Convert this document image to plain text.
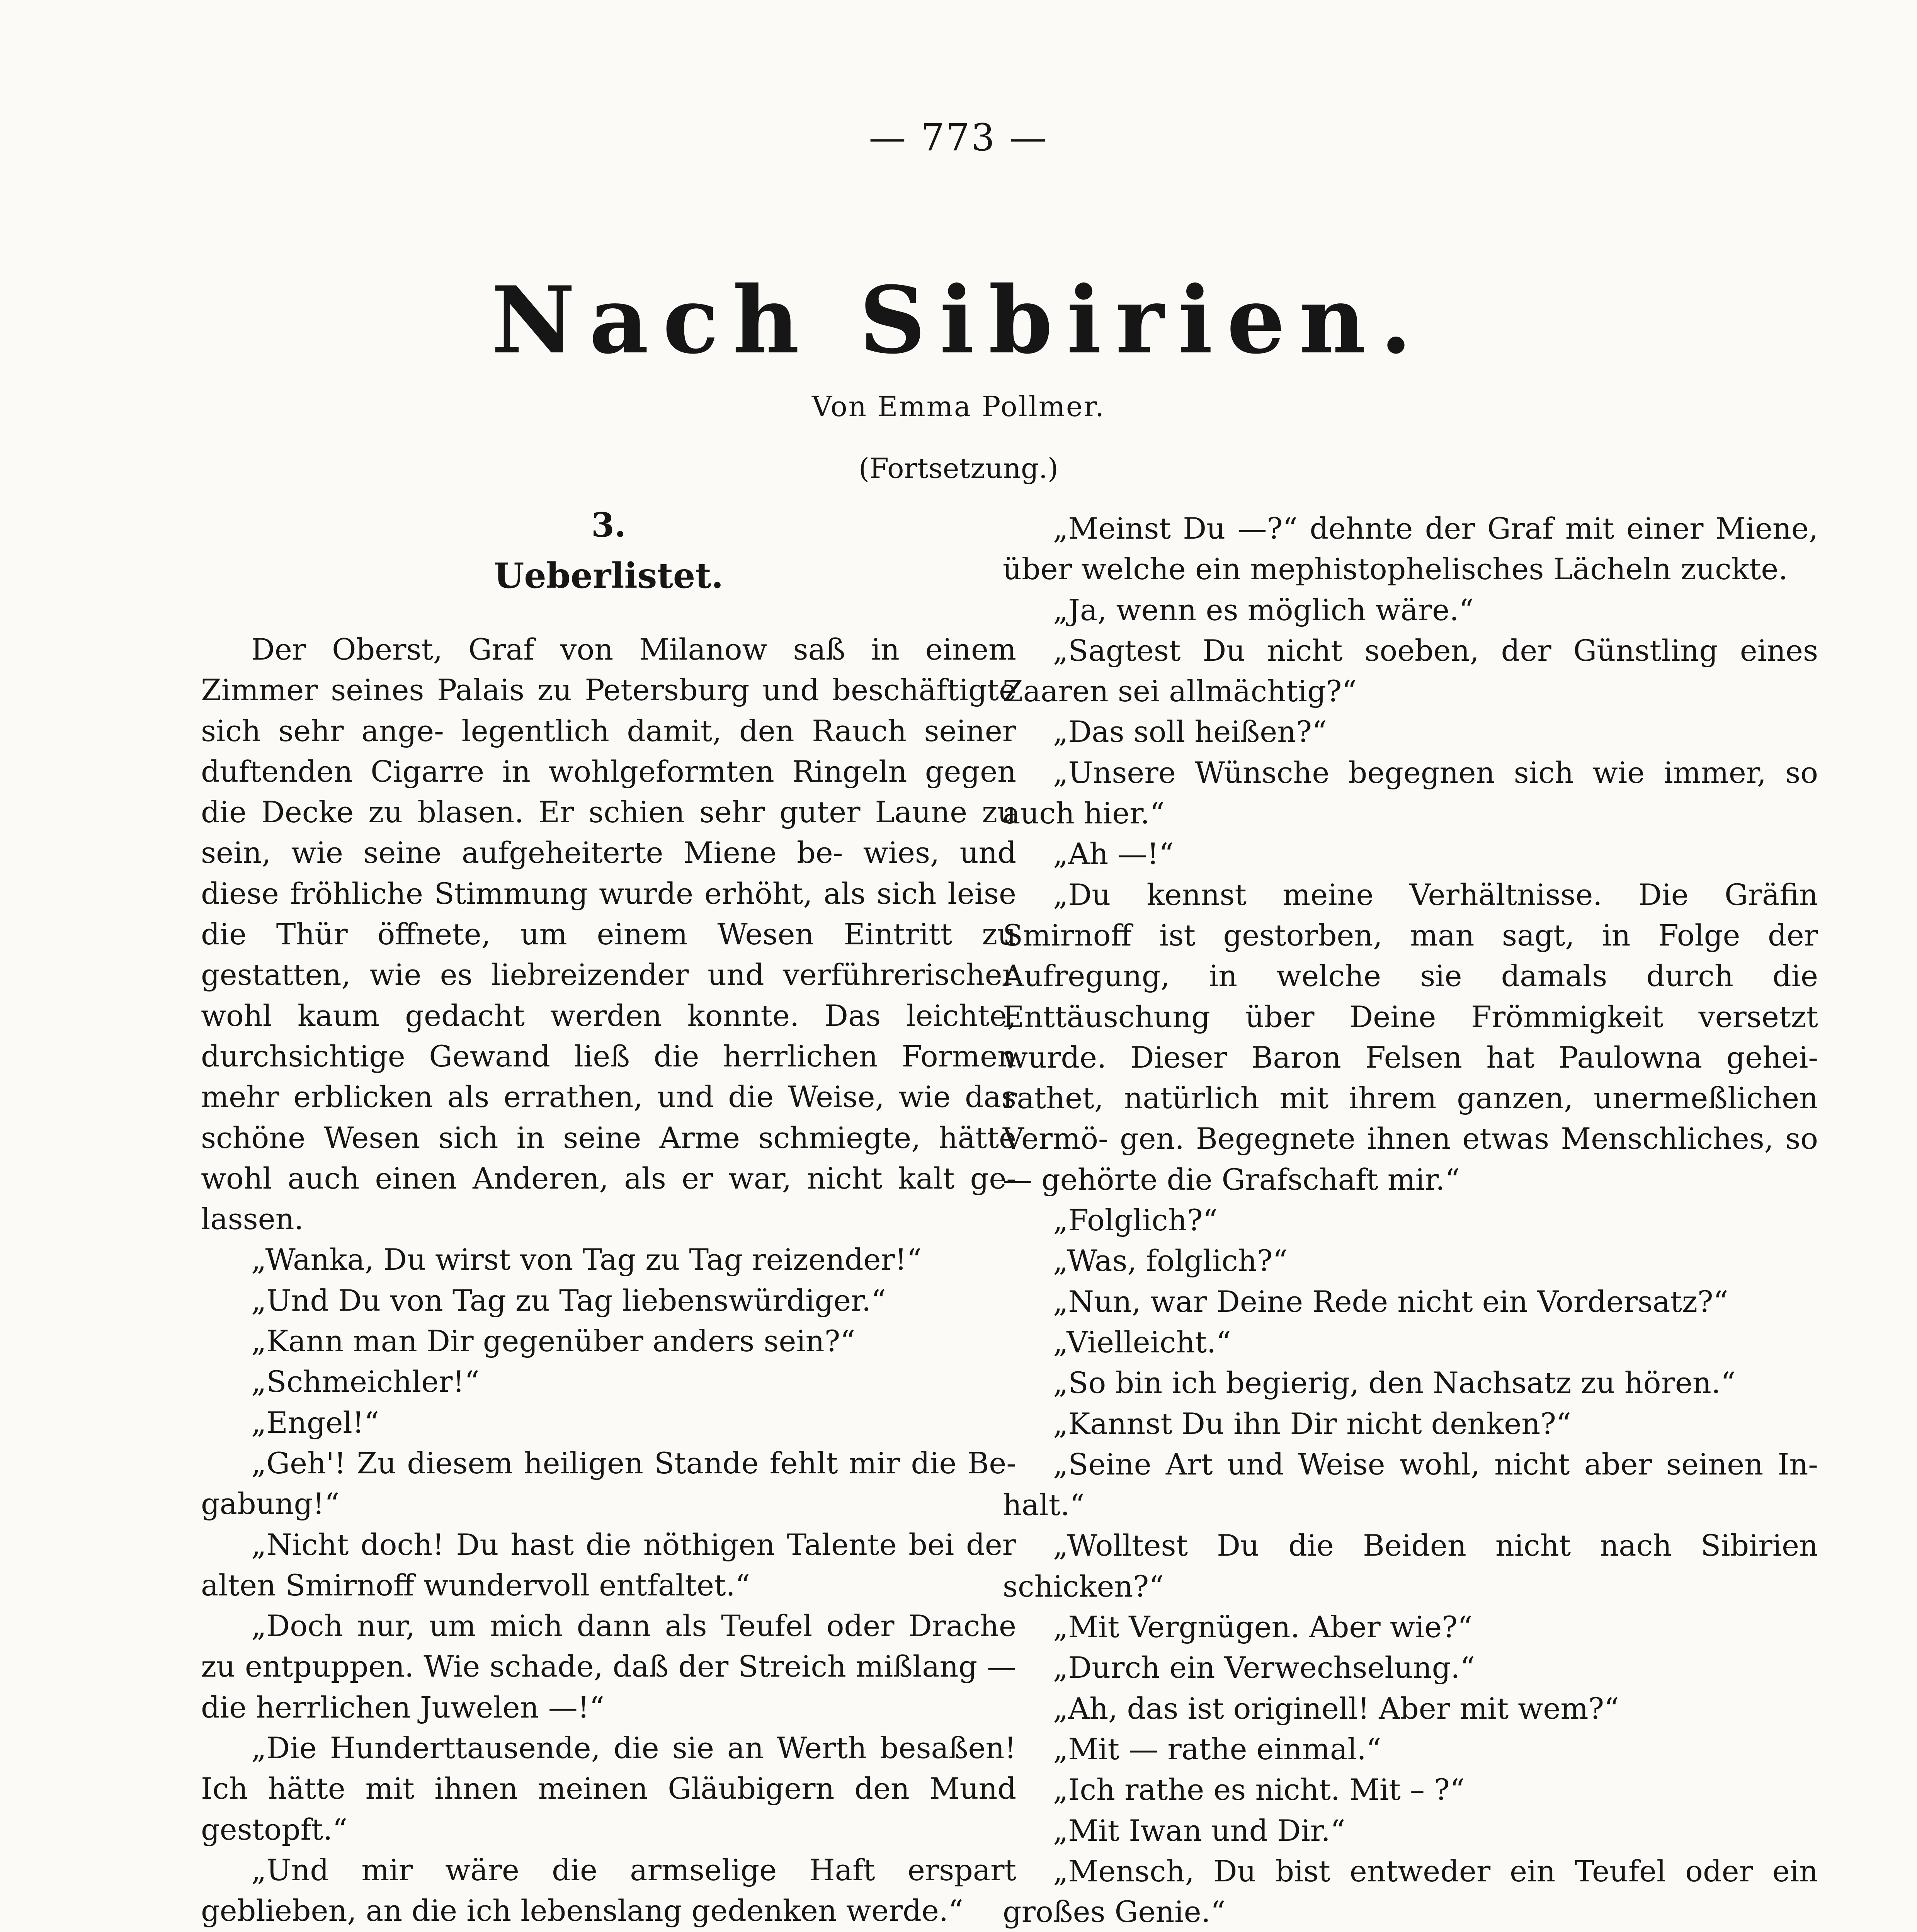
— 773 —
Nach Sibirien.
Von Emma Pollmer.
(Fortsetzung.)
3.
Ueberlistet.

Der Oberst, Graf von Milanow saß in einem Zimmer seines Palais zu Petersburg und beschäftigte sich sehr ange- legentlich damit, den Rauch seiner duftenden Cigarre in wohlgeformten Ringeln gegen die Decke zu blasen. Er schien sehr guter Laune zu sein, wie seine aufgeheiterte Miene be- wies, und diese fröhliche Stimmung wurde erhöht, als sich leise die Thür öffnete, um einem Wesen Eintritt zu gestatten, wie es liebreizender und verführerischer wohl kaum gedacht werden konnte. Das leichte, durchsichtige Gewand ließ die herrlichen Formen mehr erblicken als errathen, und die Weise, wie das schöne Wesen sich in seine Arme schmiegte, hätte wohl auch einen Anderen, als er war, nicht kalt ge- lassen.

„Wanka, Du wirst von Tag zu Tag reizender!“

„Und Du von Tag zu Tag liebenswürdiger.“

„Kann man Dir gegenüber anders sein?“

„Schmeichler!“

„Engel!“

„Geh'! Zu diesem heiligen Stande fehlt mir die Be- gabung!“

„Nicht doch! Du hast die nöthigen Talente bei der alten Smirnoff wundervoll entfaltet.“

„Doch nur, um mich dann als Teufel oder Drache zu entpuppen. Wie schade, daß der Streich mißlang — die herrlichen Juwelen —!“

„Die Hunderttausende, die sie an Werth besaßen! Ich hätte mit ihnen meinen Gläubigern den Mund gestopft.“

„Und mir wäre die armselige Haft erspart geblieben, an die ich lebenslang gedenken werde.“

„Meinst Du —?“ dehnte der Graf mit einer Miene, über welche ein mephistophelisches Lächeln zuckte.

„Ja, wenn es möglich wäre.“

„Sagtest Du nicht soeben, der Günstling eines Zaaren sei allmächtig?“

„Das soll heißen?“

„Unsere Wünsche begegnen sich wie immer, so auch hier.“

„Ah —!“

„Du kennst meine Verhältnisse. Die Gräfin Smirnoff ist gestorben, man sagt, in Folge der Aufregung, in welche sie damals durch die Enttäuschung über Deine Frömmigkeit versetzt wurde. Dieser Baron Felsen hat Paulowna gehei- rathet, natürlich mit ihrem ganzen, unermeßlichen Vermö- gen. Begegnete ihnen etwas Menschliches, so — gehörte die Grafschaft mir.“

„Folglich?“

„Was, folglich?“

„Nun, war Deine Rede nicht ein Vordersatz?“

„Vielleicht.“

„So bin ich begierig, den Nachsatz zu hören.“

„Kannst Du ihn Dir nicht denken?“

„Seine Art und Weise wohl, nicht aber seinen In- halt.“

„Wolltest Du die Beiden nicht nach Sibirien schicken?“

„Mit Vergnügen. Aber wie?“

„Durch ein Verwechselung.“

„Ah, das ist originell! Aber mit wem?“

„Mit — rathe einmal.“

„Ich rathe es nicht. Mit – ?“

„Mit Iwan und Dir.“

„Mensch, Du bist entweder ein Teufel oder ein großes Genie.“
